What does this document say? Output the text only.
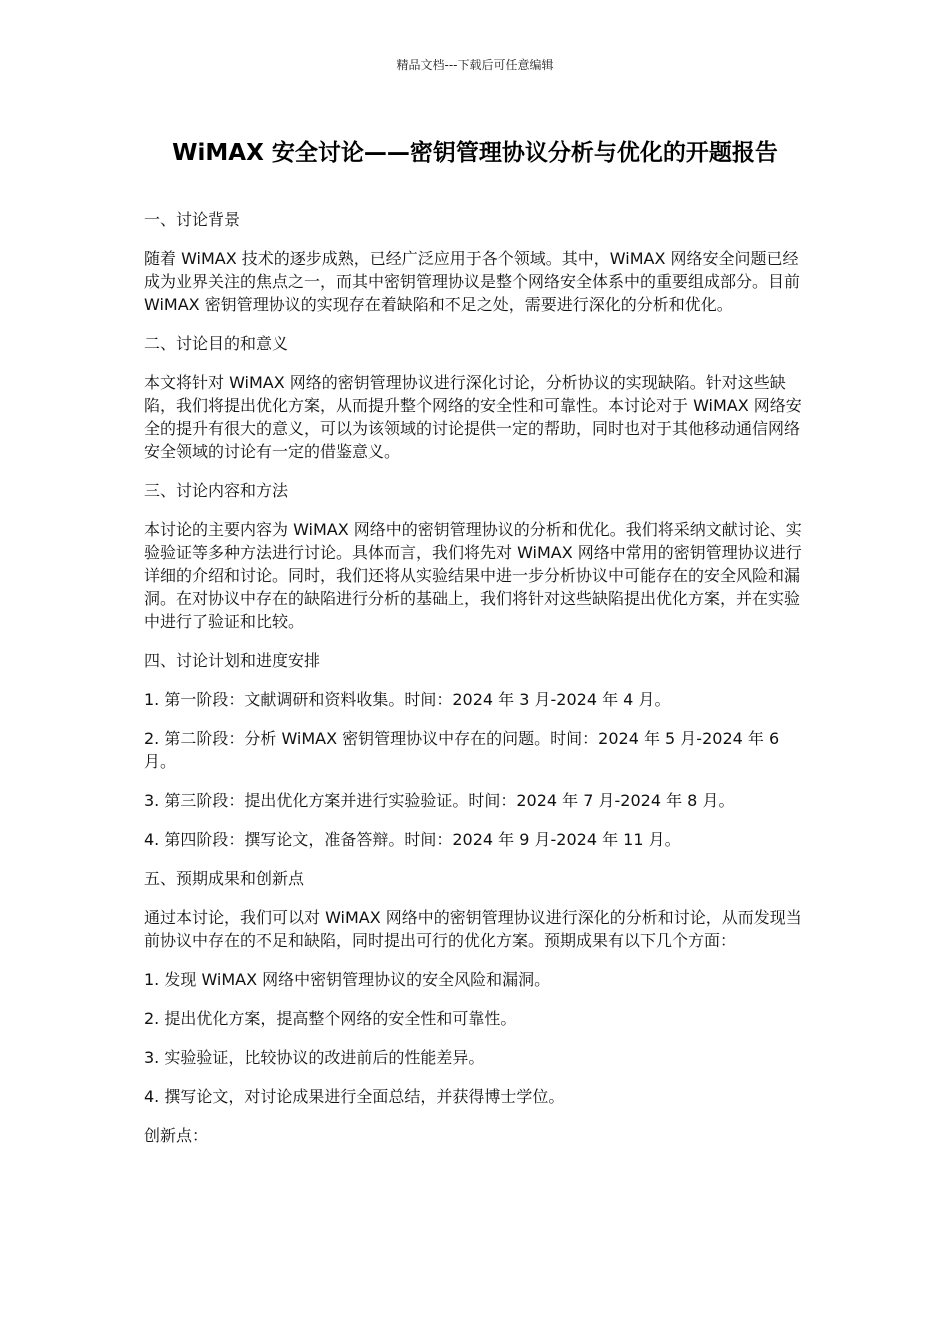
精品文档---下载后可任意编辑
WiMAX 安全讨论——密钥管理协议分析与优化的开题报告

一、讨论背景

随着 WiMAX 技术的逐步成熟，已经广泛应用于各个领域。其中，WiMAX 网络安全问题已经成为业界关注的焦点之一，而其中密钥管理协议是整个网络安全体系中的重要组成部分。目前 WiMAX 密钥管理协议的实现存在着缺陷和不足之处，需要进行深化的分析和优化。

二、讨论目的和意义

本文将针对 WiMAX 网络的密钥管理协议进行深化讨论，分析协议的实现缺陷。针对这些缺陷，我们将提出优化方案，从而提升整个网络的安全性和可靠性。本讨论对于 WiMAX 网络安全的提升有很大的意义，可以为该领域的讨论提供一定的帮助，同时也对于其他移动通信网络安全领域的讨论有一定的借鉴意义。

三、讨论内容和方法

本讨论的主要内容为 WiMAX 网络中的密钥管理协议的分析和优化。我们将采纳文献讨论、实验验证等多种方法进行讨论。具体而言，我们将先对 WiMAX 网络中常用的密钥管理协议进行详细的介绍和讨论。同时，我们还将从实验结果中进一步分析协议中可能存在的安全风险和漏洞。在对协议中存在的缺陷进行分析的基础上，我们将针对这些缺陷提出优化方案，并在实验中进行了验证和比较。

四、讨论计划和进度安排

1. 第一阶段：文献调研和资料收集。时间：2024 年 3 月-2024 年 4 月。

2. 第二阶段：分析 WiMAX 密钥管理协议中存在的问题。时间：2024 年 5 月-2024 年 6 月。

3. 第三阶段：提出优化方案并进行实验验证。时间：2024 年 7 月-2024 年 8 月。

4. 第四阶段：撰写论文，准备答辩。时间：2024 年 9 月-2024 年 11 月。

五、预期成果和创新点

通过本讨论，我们可以对 WiMAX 网络中的密钥管理协议进行深化的分析和讨论，从而发现当前协议中存在的不足和缺陷，同时提出可行的优化方案。预期成果有以下几个方面：

1. 发现 WiMAX 网络中密钥管理协议的安全风险和漏洞。

2. 提出优化方案，提高整个网络的安全性和可靠性。

3. 实验验证，比较协议的改进前后的性能差异。

4. 撰写论文，对讨论成果进行全面总结，并获得博士学位。

创新点：
